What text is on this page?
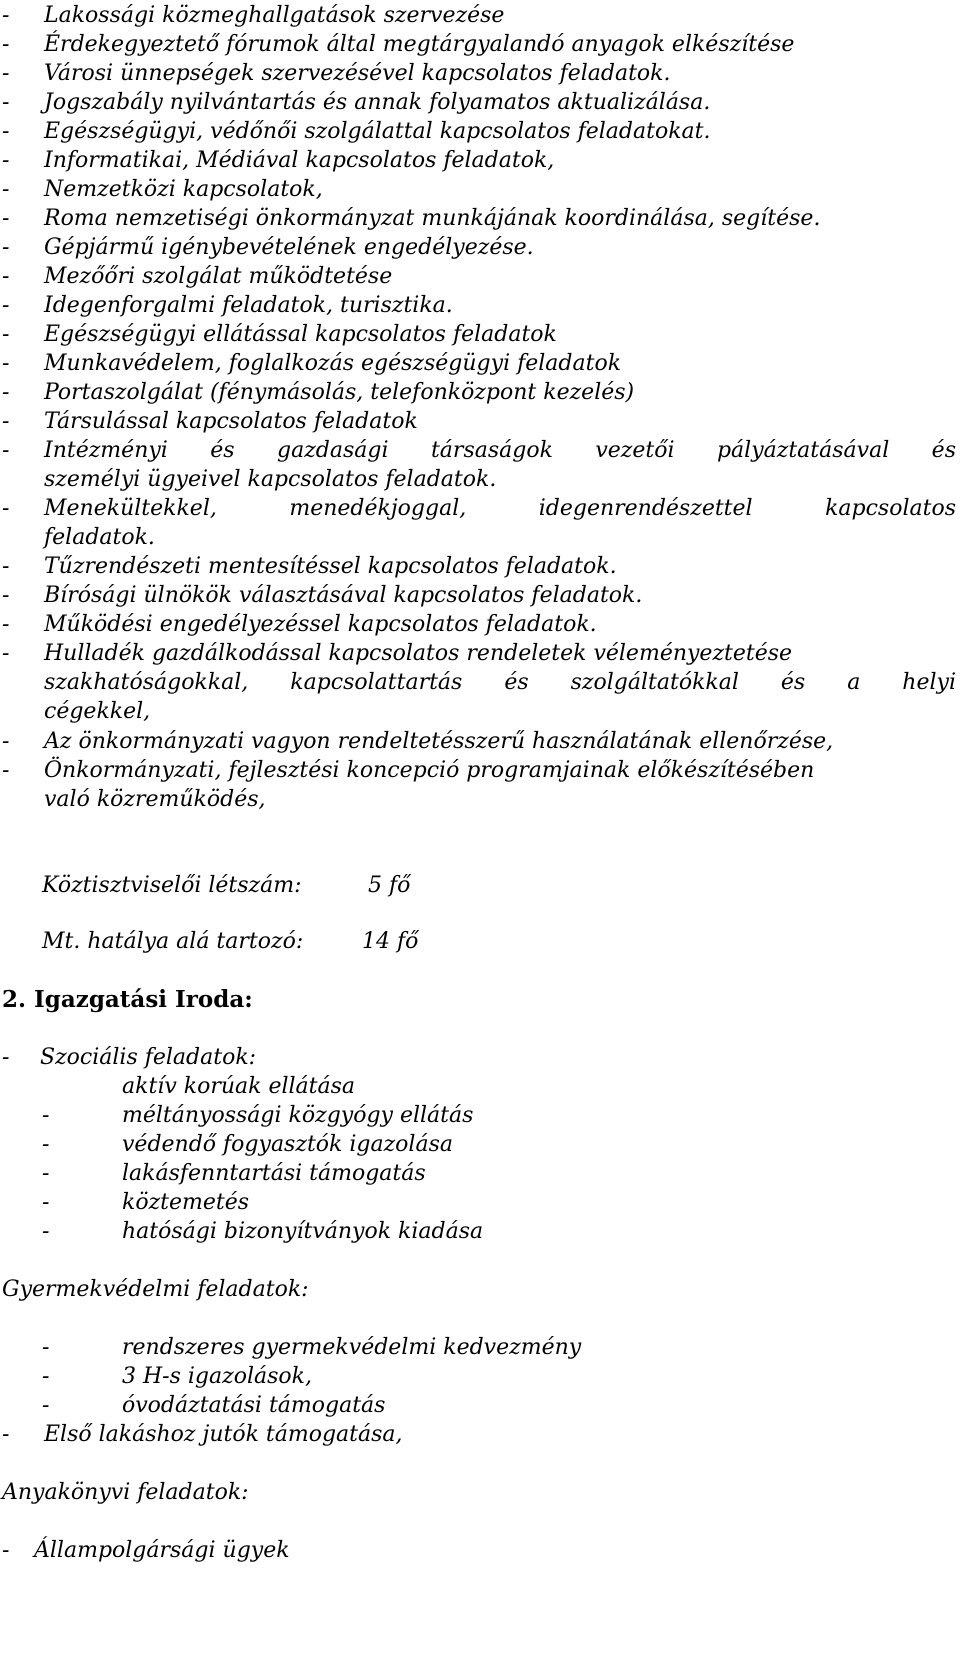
- Lakossági közmeghallgatások szervezése
- Érdekegyeztető fórumok által megtárgyalandó anyagok elkészítése
- Városi ünnepségek szervezésével kapcsolatos feladatok.
- Jogszabály nyilvántartás és annak folyamatos aktualizálása.
- Egészségügyi, védőnői szolgálattal kapcsolatos feladatokat.
- Informatikai, Médiával kapcsolatos feladatok,
- Nemzetközi kapcsolatok,
- Roma nemzetiségi önkormányzat munkájának koordinálása, segítése.
- Gépjármű igénybevételének engedélyezése.
- Mezőőri szolgálat működtetése
- Idegenforgalmi feladatok, turisztika.
- Egészségügyi ellátással kapcsolatos feladatok
- Munkavédelem, foglalkozás egészségügyi feladatok
- Portaszolgálat (fénymásolás, telefonközpont kezelés)
- Társulással kapcsolatos feladatok
- Intézményi és gazdasági társaságok vezetői pályáztatásával és
személyi ügyeivel kapcsolatos feladatok.
- Menekültekkel, menedékjoggal, idegenrendészettel kapcsolatos
feladatok.
- Tűzrendészeti mentesítéssel kapcsolatos feladatok.
- Bírósági ülnökök választásával kapcsolatos feladatok.
- Működési engedélyezéssel kapcsolatos feladatok.
- Hulladék gazdálkodással kapcsolatos rendeletek véleményeztetése
szakhatóságokkal, kapcsolattartás és szolgáltatókkal és a helyi
cégekkel,
- Az önkormányzati vagyon rendeltetésszerű használatának ellenőrzése,
- Önkormányzati, fejlesztési koncepció programjainak előkészítésében
való közreműködés,
Köztisztviselői létszám:	5 fő
Mt. hatálya alá tartozó:	14 fő
2. Igazgatási Iroda:
- Szociális feladatok:
aktív korúak ellátása
-	méltányossági közgyógy ellátás
-	védendő fogyasztók igazolása
-	lakásfenntartási támogatás
-	köztemetés
-	hatósági bizonyítványok kiadása
Gyermekvédelmi feladatok:
-	rendszeres gyermekvédelmi kedvezmény
-	3 H-s igazolások,
-	óvodáztatási támogatás
- Első lakáshoz jutók támogatása,
Anyakönyvi feladatok:
- Állampolgársági ügyek
